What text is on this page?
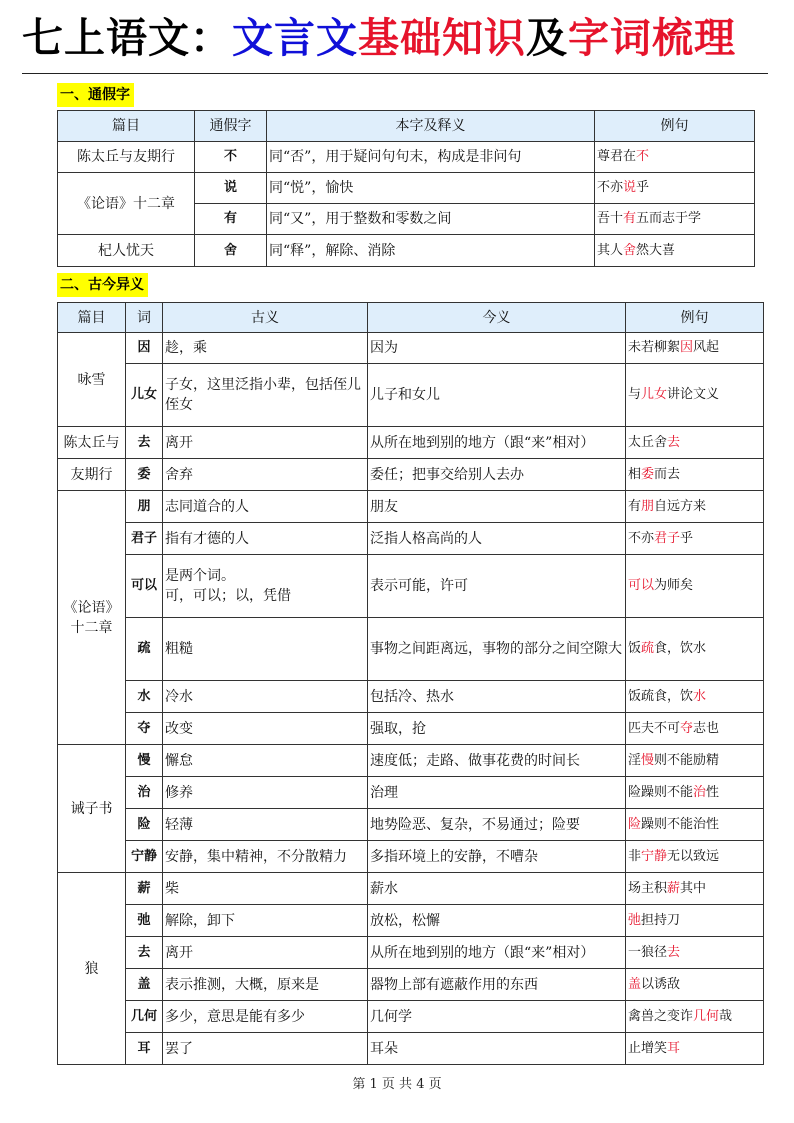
七上语文：文言文基础知识及字词梳理
一、通假字
篇目	通假字	本字及释义	例句
陈太丘与友期行	不	同“否”，用于疑问句句末，构成是非问句	尊君在不
《论语》十二章	说	同“悦”，愉快	不亦说乎
	有	同“又”，用于整数和零数之间	吾十有五而志于学
杞人忧天	舍	同“释”，解除、消除	其人舍然大喜
二、古今异义
篇目	词	古义	今义	例句
咏雪	因	趁，乘	因为	未若柳絮因风起
	儿女	子女，这里泛指小辈，包括侄儿侄女	儿子和女儿	与儿女讲论文义
陈太丘与	去	离开	从所在地到别的地方（跟“来”相对）	太丘舍去
友期行	委	舍弃	委任；把事交给别人去办	相委而去
《论语》
十二章	朋	志同道合的人	朋友	有朋自远方来
	君子	指有才德的人	泛指人格高尚的人	不亦君子乎
	可以	是两个词。
可，可以；以，凭借	表示可能，许可	可以为师矣
	疏	粗糙	事物之间距离远，事物的部分之间空隙大	饭疏食，饮水
	水	冷水	包括冷、热水	饭疏食，饮水
	夺	改变	强取，抢	匹夫不可夺志也
诫子书	慢	懈怠	速度低；走路、做事花费的时间长	淫慢则不能励精
	治	修养	治理	险躁则不能治性
	险	轻薄	地势险恶、复杂，不易通过；险要	险躁则不能治性
	宁静	安静，集中精神，不分散精力	多指环境上的安静，不嘈杂	非宁静无以致远
狼	薪	柴	薪水	场主积薪其中
	弛	解除，卸下	放松，松懈	弛担持刀
	去	离开	从所在地到别的地方（跟“来”相对）	一狼径去
	盖	表示推测，大概，原来是	器物上部有遮蔽作用的东西	盖以诱敌
	几何	多少，意思是能有多少	几何学	禽兽之变诈几何哉
	耳	罢了	耳朵	止增笑耳
第 1 页 共 4 页
